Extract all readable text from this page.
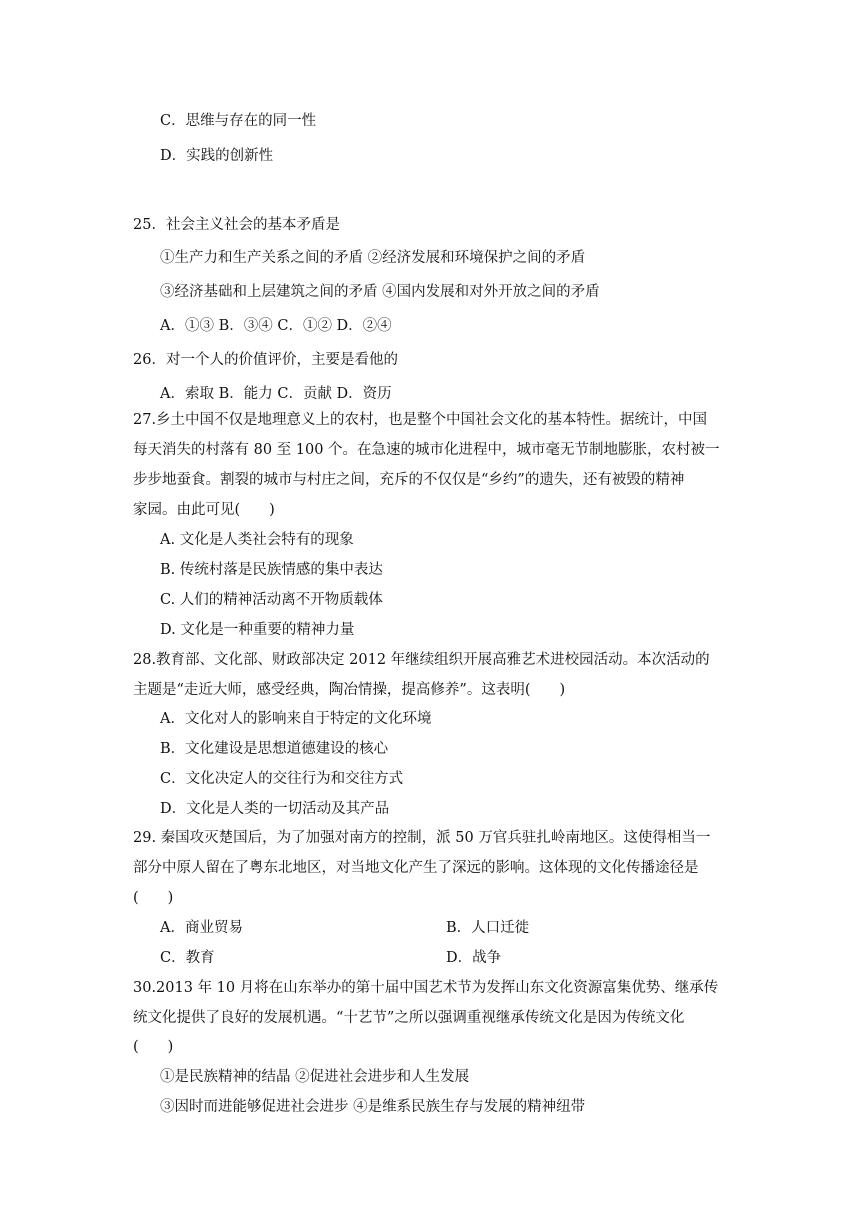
C．思维与存在的同一性
D．实践的创新性
25．社会主义社会的基本矛盾是
①生产力和生产关系之间的矛盾 ②经济发展和环境保护之间的矛盾
③经济基础和上层建筑之间的矛盾 ④国内发展和对外开放之间的矛盾
A．①③ B．③④ C．①② D．②④
26．对一个人的价值评价，主要是看他的
A．索取 B．能力 C．贡献 D．资历
27.乡土中国不仅是地理意义上的农村，也是整个中国社会文化的基本特性。据统计，中国
每天消失的村落有 80 至 100 个。在急速的城市化进程中，城市毫无节制地膨胀，农村被一
步步地蚕食。割裂的城市与村庄之间，充斥的不仅仅是“乡约”的遗失，还有被毁的精神
家园。由此可见(　　)
A. 文化是人类社会特有的现象
B. 传统村落是民族情感的集中表达
C. 人们的精神活动离不开物质载体
D. 文化是一种重要的精神力量
28.教育部、文化部、财政部决定 2012 年继续组织开展高雅艺术进校园活动。本次活动的
主题是“走近大师，感受经典，陶冶情操，提高修养”。这表明(　　)
A．文化对人的影响来自于特定的文化环境
B．文化建设是思想道德建设的核心
C．文化决定人的交往行为和交往方式
D．文化是人类的一切活动及其产品
29. 秦国攻灭楚国后，为了加强对南方的控制，派 50 万官兵驻扎岭南地区。这使得相当一
部分中原人留在了粤东北地区，对当地文化产生了深远的影响。这体现的文化传播途径是
(　　)
A．商业贸易	B．人口迁徙
C．教育	D．战争
30.2013 年 10 月将在山东举办的第十届中国艺术节为发挥山东文化资源富集优势、继承传
统文化提供了良好的发展机遇。“十艺节”之所以强调重视继承传统文化是因为传统文化
(　　)
①是民族精神的结晶 ②促进社会进步和人生发展
③因时而进能够促进社会进步 ④是维系民族生存与发展的精神纽带
